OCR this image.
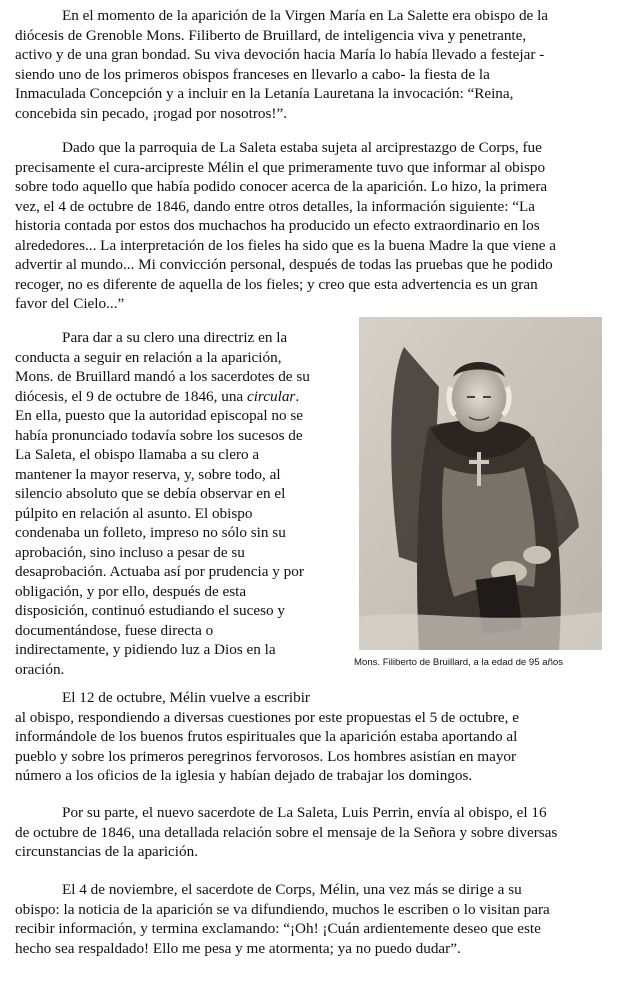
En el momento de la aparición de la Virgen María en La Salette era obispo de la
diócesis de Grenoble Mons. Filiberto de Bruillard, de inteligencia viva y penetrante,
activo y de una gran bondad. Su viva devoción hacia María lo había llevado a festejar -
siendo uno de los primeros obispos franceses en llevarlo a cabo- la fiesta de la
Inmaculada Concepción y a incluir en la Letanía Lauretana la invocación: “Reina,
concebida sin pecado, ¡rogad por nosotros!”.
Dado que la parroquia de La Saleta estaba sujeta al arciprestazgo de Corps, fue
precisamente el cura-arcipreste Mélin el que primeramente tuvo que informar al obispo
sobre todo aquello que había podido conocer acerca de la aparición. Lo hizo, la primera
vez, el 4 de octubre de 1846, dando entre otros detalles, la información siguiente: “La
historia contada por estos dos muchachos ha producido un efecto extraordinario en los
alrededores... La interpretación de los fieles ha sido que es la buena Madre la que viene a
advertir al mundo... Mi convicción personal, después de todas las pruebas que he podido
recoger, no es diferente de aquella de los fieles; y creo que esta advertencia es un gran
favor del Cielo...”
Para dar a su clero una directriz en la
conducta a seguir en relación a la aparición,
Mons. de Bruillard mandó a los sacerdotes de su
diócesis, el 9 de octubre de 1846, una circular.
En ella, puesto que la autoridad episcopal no se
había pronunciado todavía sobre los sucesos de
La Saleta, el obispo llamaba a su clero a
mantener la mayor reserva, y, sobre todo, al
silencio absoluto que se debía observar en el
púlpito en relación al asunto. El obispo
condenaba un folleto, impreso no sólo sin su
aprobación, sino incluso a pesar de su
desaprobación. Actuaba así por prudencia y por
obligación, y por ello, después de esta
disposición, continuó estudiando el suceso y
documentándose, fuese directa o
indirectamente, y pidiendo luz a Dios en la
oración.	Mons. Filiberto de Bruillard, a la edad de 95 años
El 12 de octubre, Mélin vuelve a escribir
al obispo, respondiendo a diversas cuestiones por este propuestas el 5 de octubre, e
informándole de los buenos frutos espirituales que la aparición estaba aportando al
pueblo y sobre los primeros peregrinos fervorosos. Los hombres asistían en mayor
número a los oficios de la iglesia y habían dejado de trabajar los domingos.
Por su parte, el nuevo sacerdote de La Saleta, Luis Perrin, envía al obispo, el 16
de octubre de 1846, una detallada relación sobre el mensaje de la Señora y sobre diversas
circunstancias de la aparición.
El 4 de noviembre, el sacerdote de Corps, Mélin, una vez más se dirige a su
obispo: la noticia de la aparición se va difundiendo, muchos le escriben o lo visitan para
recibir información, y termina exclamando: “¡Oh! ¡Cuán ardientemente deseo que este
hecho sea respaldado! Ello me pesa y me atormenta; ya no puedo dudar”.
